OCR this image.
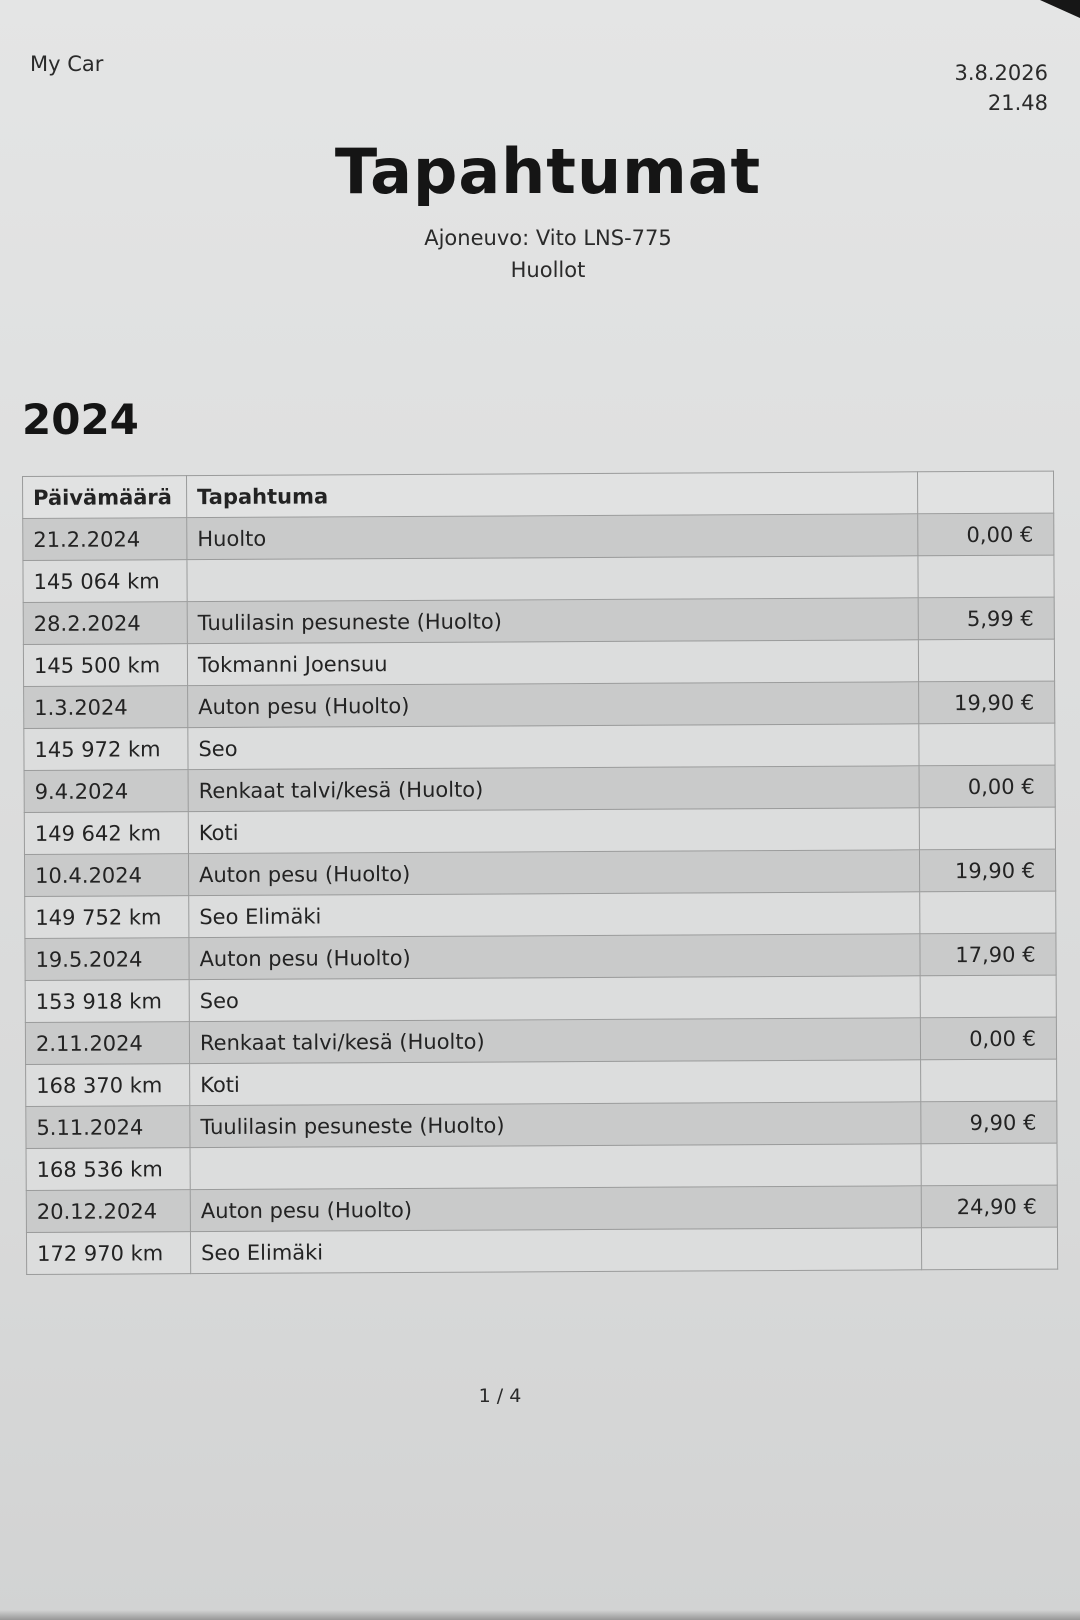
My Car	3.8.2026
21.48
Tapahtumat
Ajoneuvo: Vito LNS-775
Huollot
2024
Päivämäärä	Tapahtuma	
21.2.2024	Huolto	0,00 €
145 064 km		
28.2.2024	Tuulilasin pesuneste (Huolto)	5,99 €
145 500 km	Tokmanni Joensuu	
1.3.2024	Auton pesu (Huolto)	19,90 €
145 972 km	Seo	
9.4.2024	Renkaat talvi/kesä (Huolto)	0,00 €
149 642 km	Koti	
10.4.2024	Auton pesu (Huolto)	19,90 €
149 752 km	Seo Elimäki	
19.5.2024	Auton pesu (Huolto)	17,90 €
153 918 km	Seo	
2.11.2024	Renkaat talvi/kesä (Huolto)	0,00 €
168 370 km	Koti	
5.11.2024	Tuulilasin pesuneste (Huolto)	9,90 €
168 536 km		
20.12.2024	Auton pesu (Huolto)	24,90 €
172 970 km	Seo Elimäki	
1 / 4
